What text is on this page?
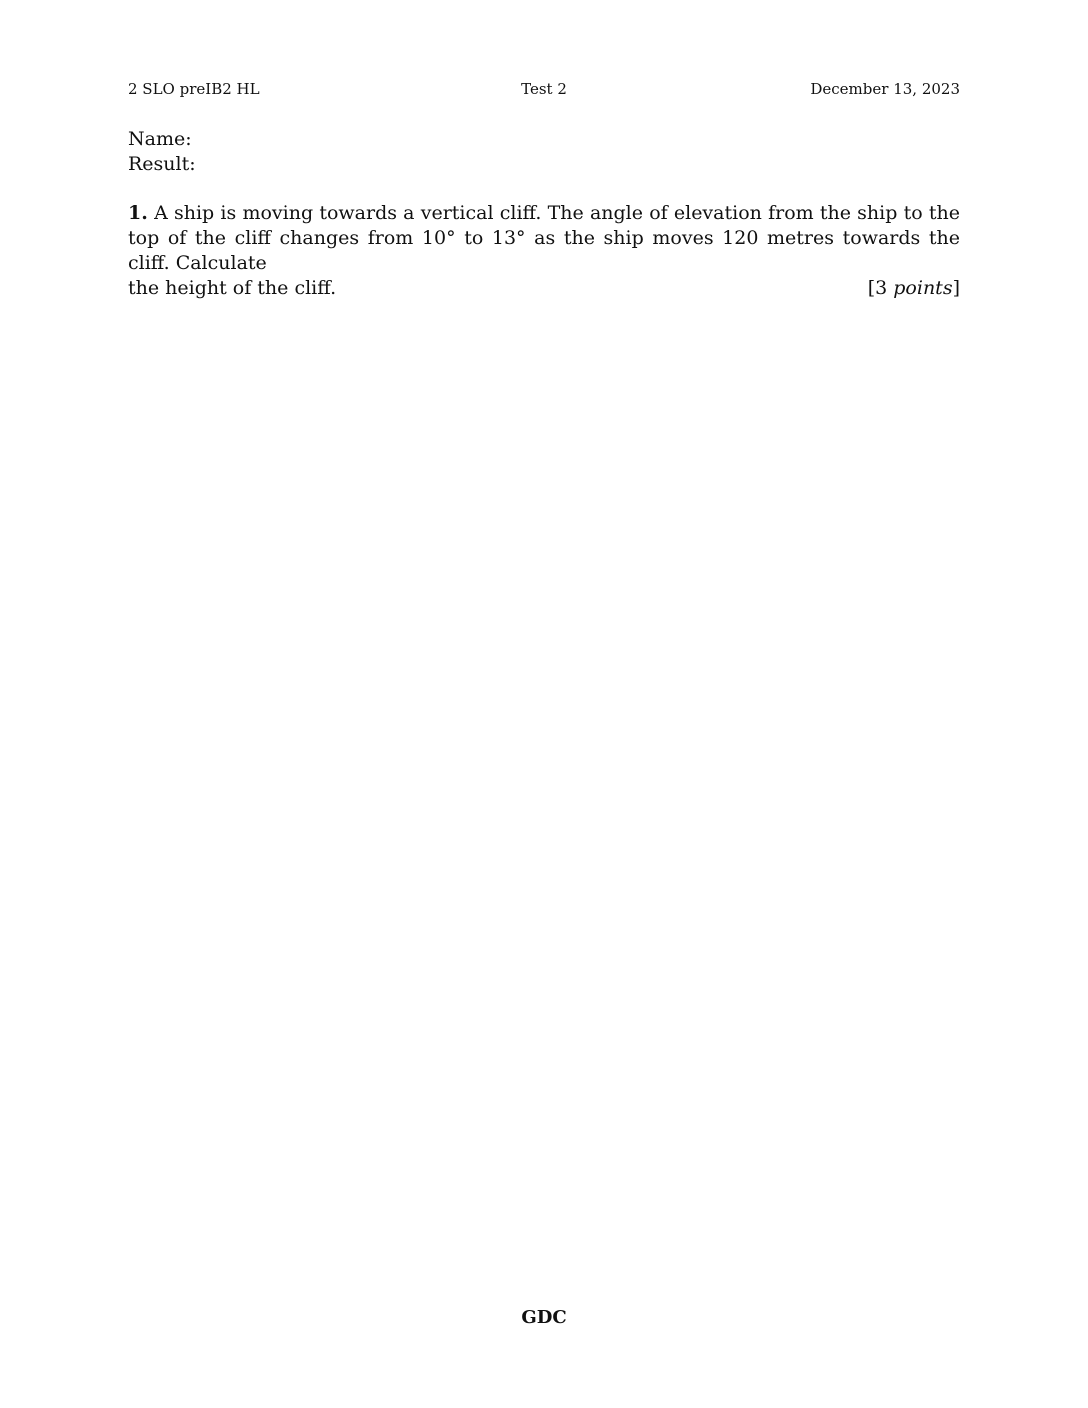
2 SLO preIB2 HL	Test 2	December 13, 2023
Name:
Result:
1. A ship is moving towards a vertical cliff. The angle of elevation from the ship to the top of the cliff changes from 10° to 13° as the ship moves 120 metres towards the cliff. Calculate
the height of the cliff.	[3 points]
GDC
